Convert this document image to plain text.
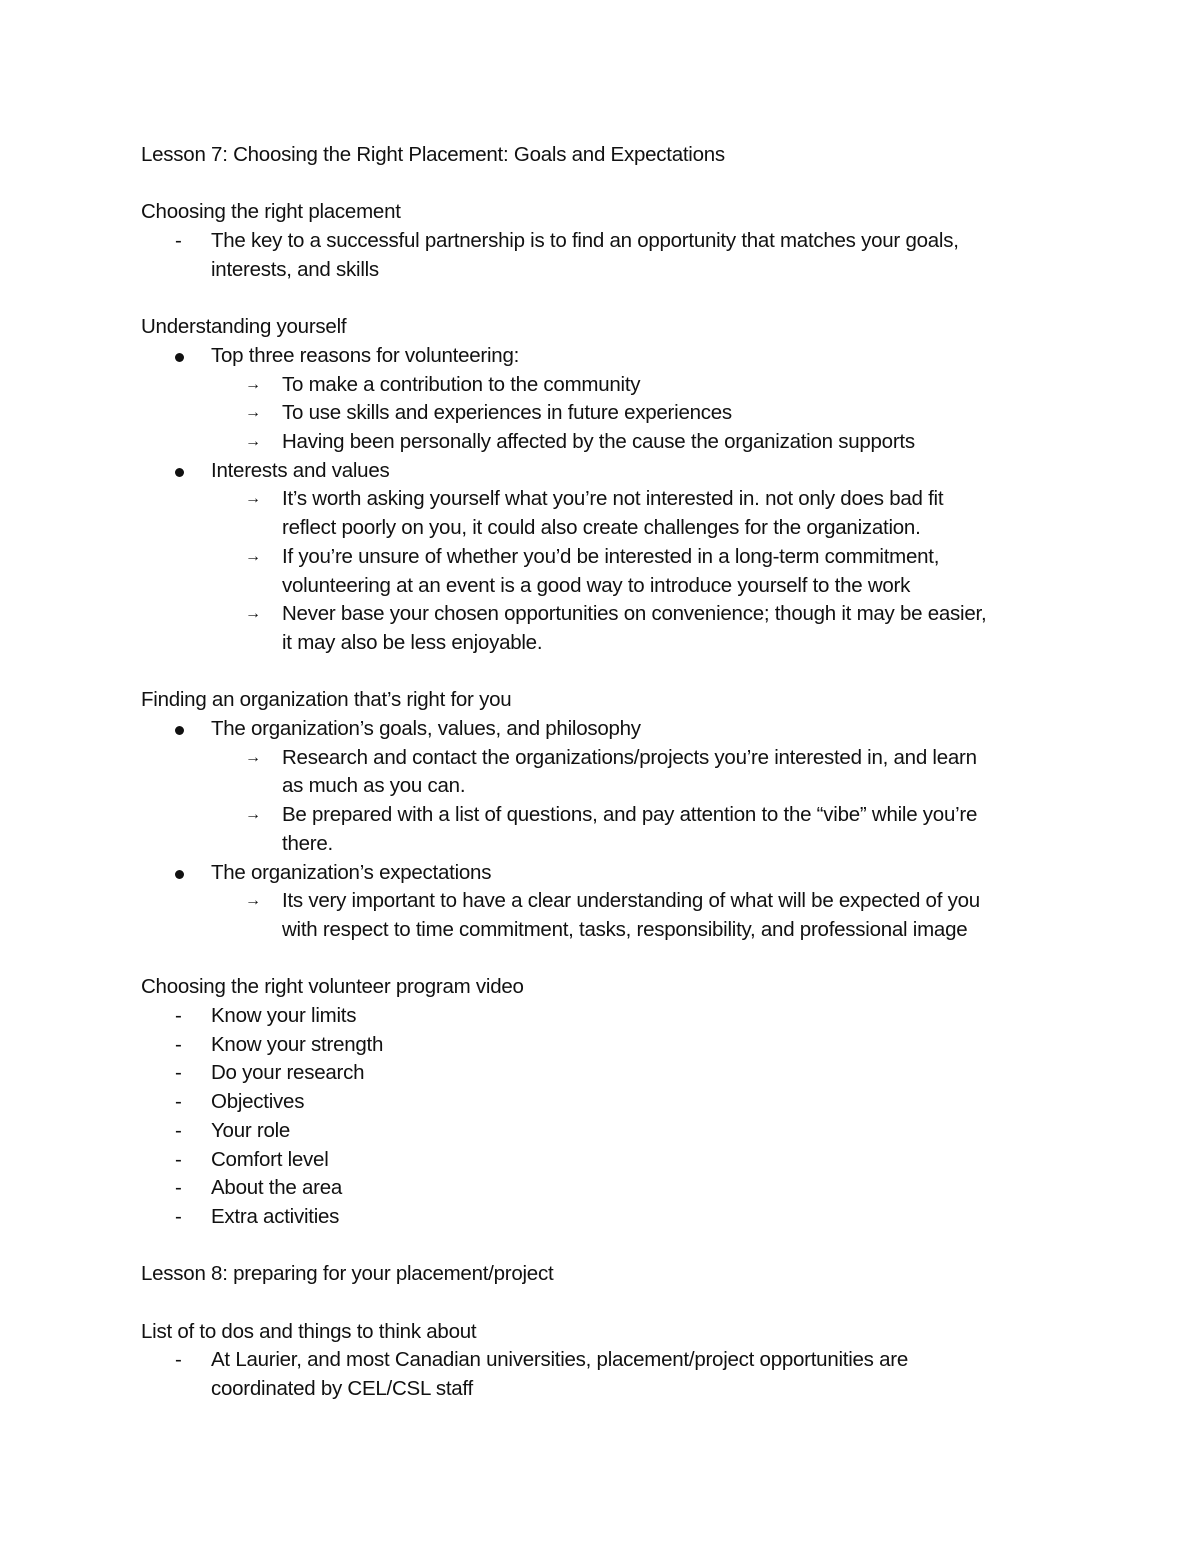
Lesson 7: Choosing the Right Placement: Goals and Expectations

Choosing the right placement

- The key to a successful partnership is to find an opportunity that matches your goals,
interests, and skills

Understanding yourself

Top three reasons for volunteering:
→ To make a contribution to the community
→ To use skills and experiences in future experiences
→ Having been personally affected by the cause the organization supports
Interests and values
→ It’s worth asking yourself what you’re not interested in. not only does bad fit
reflect poorly on you, it could also create challenges for the organization.
→ If you’re unsure of whether you’d be interested in a long-term commitment,
volunteering at an event is a good way to introduce yourself to the work
→ Never base your chosen opportunities on convenience; though it may be easier,
it may also be less enjoyable.

Finding an organization that’s right for you

The organization’s goals, values, and philosophy
→ Research and contact the organizations/projects you’re interested in, and learn
as much as you can.
→ Be prepared with a list of questions, and pay attention to the “vibe” while you’re
there.
The organization’s expectations
→ Its very important to have a clear understanding of what will be expected of you
with respect to time commitment, tasks, responsibility, and professional image

Choosing the right volunteer program video

- Know your limits
- Know your strength
- Do your research
- Objectives
- Your role
- Comfort level
- About the area
- Extra activities

Lesson 8: preparing for your placement/project

List of to dos and things to think about

- At Laurier, and most Canadian universities, placement/project opportunities are
coordinated by CEL/CSL staff
